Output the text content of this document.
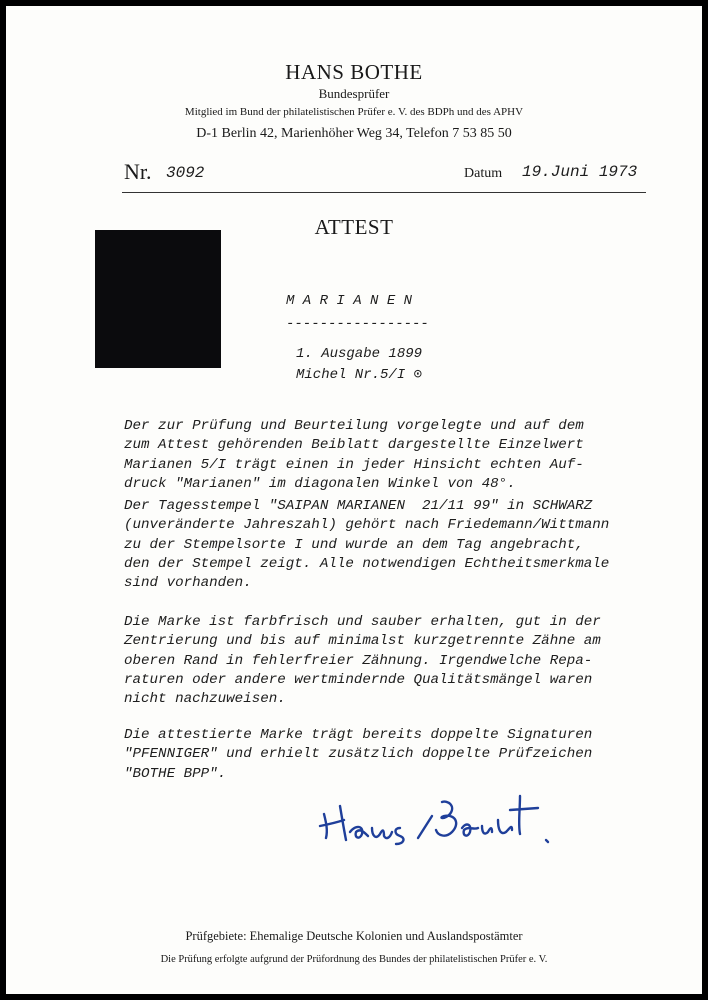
HANS BOTHE
Bundesprüfer
Mitglied im Bund der philatelistischen Prüfer e. V. des BDPh und des APHV
D-1 Berlin 42, Marienhöher Weg 34, Telefon 7 53 85 50
Nr. 3092	Datum 19.Juni 1973
ATTEST
M A R I A N E N
-----------------
1. Ausgabe 1899
Michel Nr.5/I ⊙
Der zur Prüfung und Beurteilung vorgelegte und auf dem
zum Attest gehörenden Beiblatt dargestellte Einzelwert
Marianen 5/I trägt einen in jeder Hinsicht echten Auf-
druck "Marianen" im diagonalen Winkel von 48°.
Der Tagesstempel "SAIPAN MARIANEN  21/11 99" in SCHWARZ
(unveränderte Jahreszahl) gehört nach Friedemann/Wittmann
zu der Stempelsorte I und wurde an dem Tag angebracht,
den der Stempel zeigt. Alle notwendigen Echtheitsmerkmale
sind vorhanden.
Die Marke ist farbfrisch und sauber erhalten, gut in der
Zentrierung und bis auf minimalst kurzgetrennte Zähne am
oberen Rand in fehlerfreier Zähnung. Irgendwelche Repa-
raturen oder andere wertmindernde Qualitätsmängel waren
nicht nachzuweisen.
Die attestierte Marke trägt bereits doppelte Signaturen
"PFENNIGER" und erhielt zusätzlich doppelte Prüfzeichen
"BOTHE BPP".
Prüfgebiete: Ehemalige Deutsche Kolonien und Auslandspostämter
Die Prüfung erfolgte aufgrund der Prüfordnung des Bundes der philatelistischen Prüfer e. V.
